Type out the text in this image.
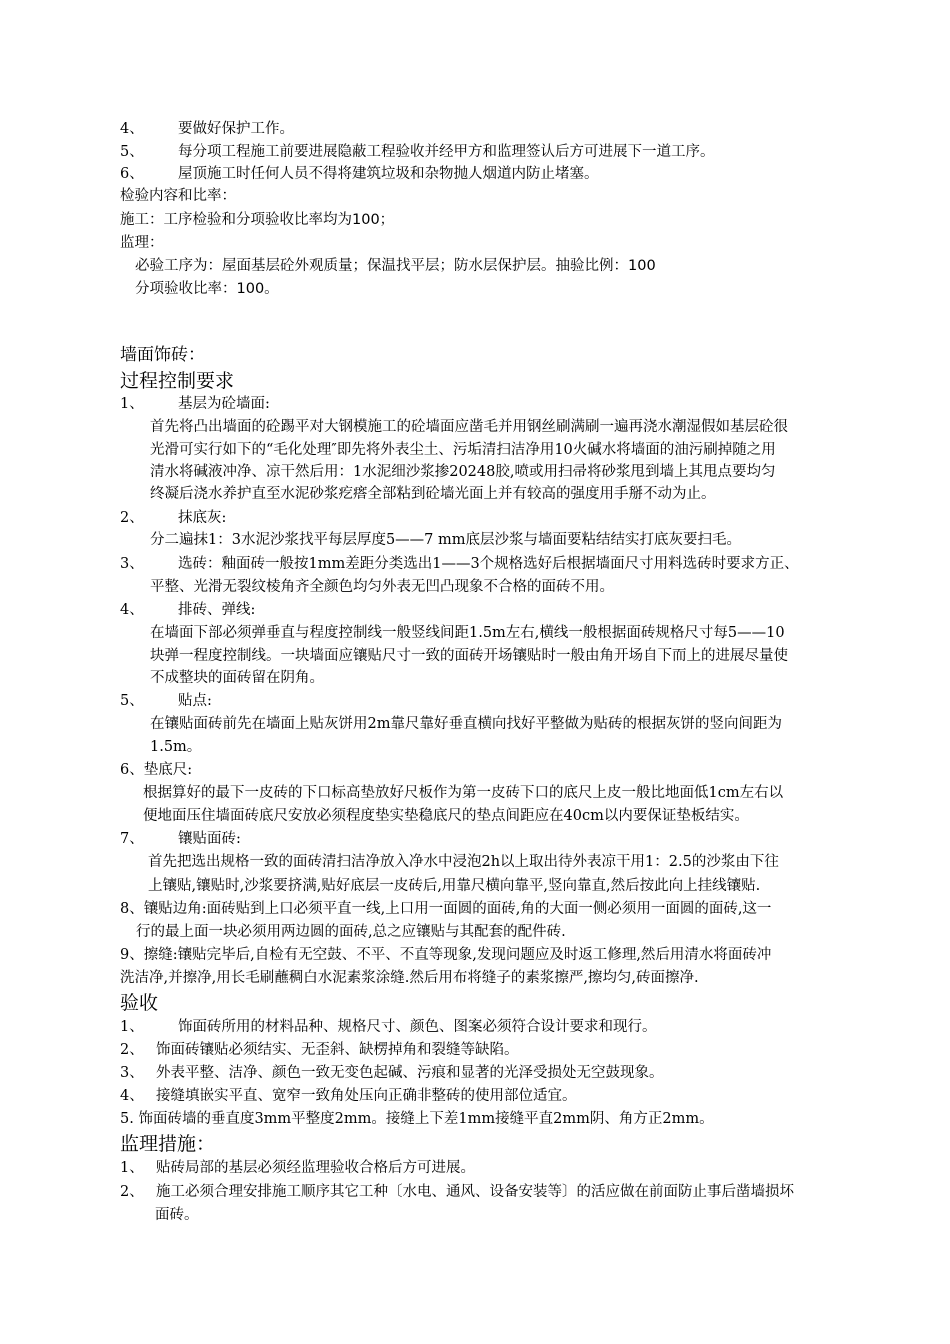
4、 要做好保护工作。
5、 每分项工程施工前要进展隐蔽工程验收并经甲方和监理签认后方可进展下一道工序。
6、 屋顶施工时任何人员不得将建筑垃圾和杂物抛人烟道内防止堵塞。
检验内容和比率：
施工：工序检验和分项验收比率均为100；
监理：
必验工序为：屋面基层砼外观质量；保温找平层；防水层保护层。抽验比例：100
分项验收比率：100。
墙面饰砖：
过程控制要求
1、 基层为砼墙面:
首先将凸出墙面的砼踢平对大钢模施工的砼墙面应凿毛并用钢丝刷满刷一遍再浇水潮湿假如基层砼很
光滑可实行如下的“毛化处理″即先将外表尘土、污垢清扫洁净用10火碱水将墙面的油污刷掉随之用
清水将碱液冲净、凉干然后用：1水泥细沙浆掺20248胶,喷或用扫帚将砂浆甩到墙上其甩点要均匀
终凝后浇水养护直至水泥砂浆疙瘩全部粘到砼墙光面上并有较高的强度用手掰不动为止。
2、 抹底灰:
分二遍抹1：3水泥沙浆找平每层厚度5——7 mm底层沙浆与墙面要粘结结实打底灰要扫毛。
3、 选砖：釉面砖一般按1mm差距分类选出1——3个规格选好后根据墙面尺寸用料选砖时要求方正、
平整、光滑无裂纹棱角齐全颜色均匀外表无凹凸现象不合格的面砖不用。
4、 排砖、弹线:
在墙面下部必须弹垂直与程度控制线一般竖线间距1.5m左右,横线一般根据面砖规格尺寸每5——10
块弹一程度控制线。一块墙面应镶贴尺寸一致的面砖开场镶贴时一般由角开场自下而上的进展尽量使
不成整块的面砖留在阴角。
5、 贴点:
在镶贴面砖前先在墙面上贴灰饼用2m靠尺靠好垂直横向找好平整做为贴砖的根据灰饼的竖向间距为
1.5m。
6、垫底尺:
根据算好的最下一皮砖的下口标高垫放好尺板作为第一皮砖下口的底尺上皮一般比地面低1cm左右以
便地面压住墙面砖底尺安放必须程度垫实垫稳底尺的垫点间距应在40cm以内要保证垫板结实。
7、 镶贴面砖:
首先把选出规格一致的面砖清扫洁净放入净水中浸泡2h以上取出待外表凉干用1：2.5的沙浆由下往
上镶贴,镶贴时,沙浆要挤满,贴好底层一皮砖后,用靠尺横向靠平,竖向靠直,然后按此向上挂线镶贴.
8、镶贴边角:面砖贴到上口必须平直一线,上口用一面圆的面砖,角的大面一侧必须用一面圆的面砖,这一
行的最上面一块必须用两边圆的面砖,总之应镶贴与其配套的配件砖.
9、擦缝:镶贴完毕后,自检有无空鼓、不平、不直等现象,发现问题应及时返工修理,然后用清水将面砖冲
洗洁净,并擦净,用长毛刷蘸稠白水泥素浆涂缝.然后用布将缝子的素浆擦严,擦均匀,砖面擦净.
验收
1、 饰面砖所用的材料品种、规格尺寸、颜色、图案必须符合设计要求和现行。
2、 饰面砖镶贴必须结实、无歪斜、缺楞掉角和裂缝等缺陷。
3、 外表平整、洁净、颜色一致无变色起碱、污痕和显著的光泽受损处无空鼓现象。
4、 接缝填嵌实平直、宽窄一致角处压向正确非整砖的使用部位适宜。
5. 饰面砖墙的垂直度3mm平整度2mm。接缝上下差1mm接缝平直2mm阴、角方正2mm。
监理措施：
1、 贴砖局部的基层必须经监理验收合格后方可进展。
2、 施工必须合理安排施工顺序其它工种〔水电、通风、设备安装等〕的活应做在前面防止事后凿墙损坏
面砖。
